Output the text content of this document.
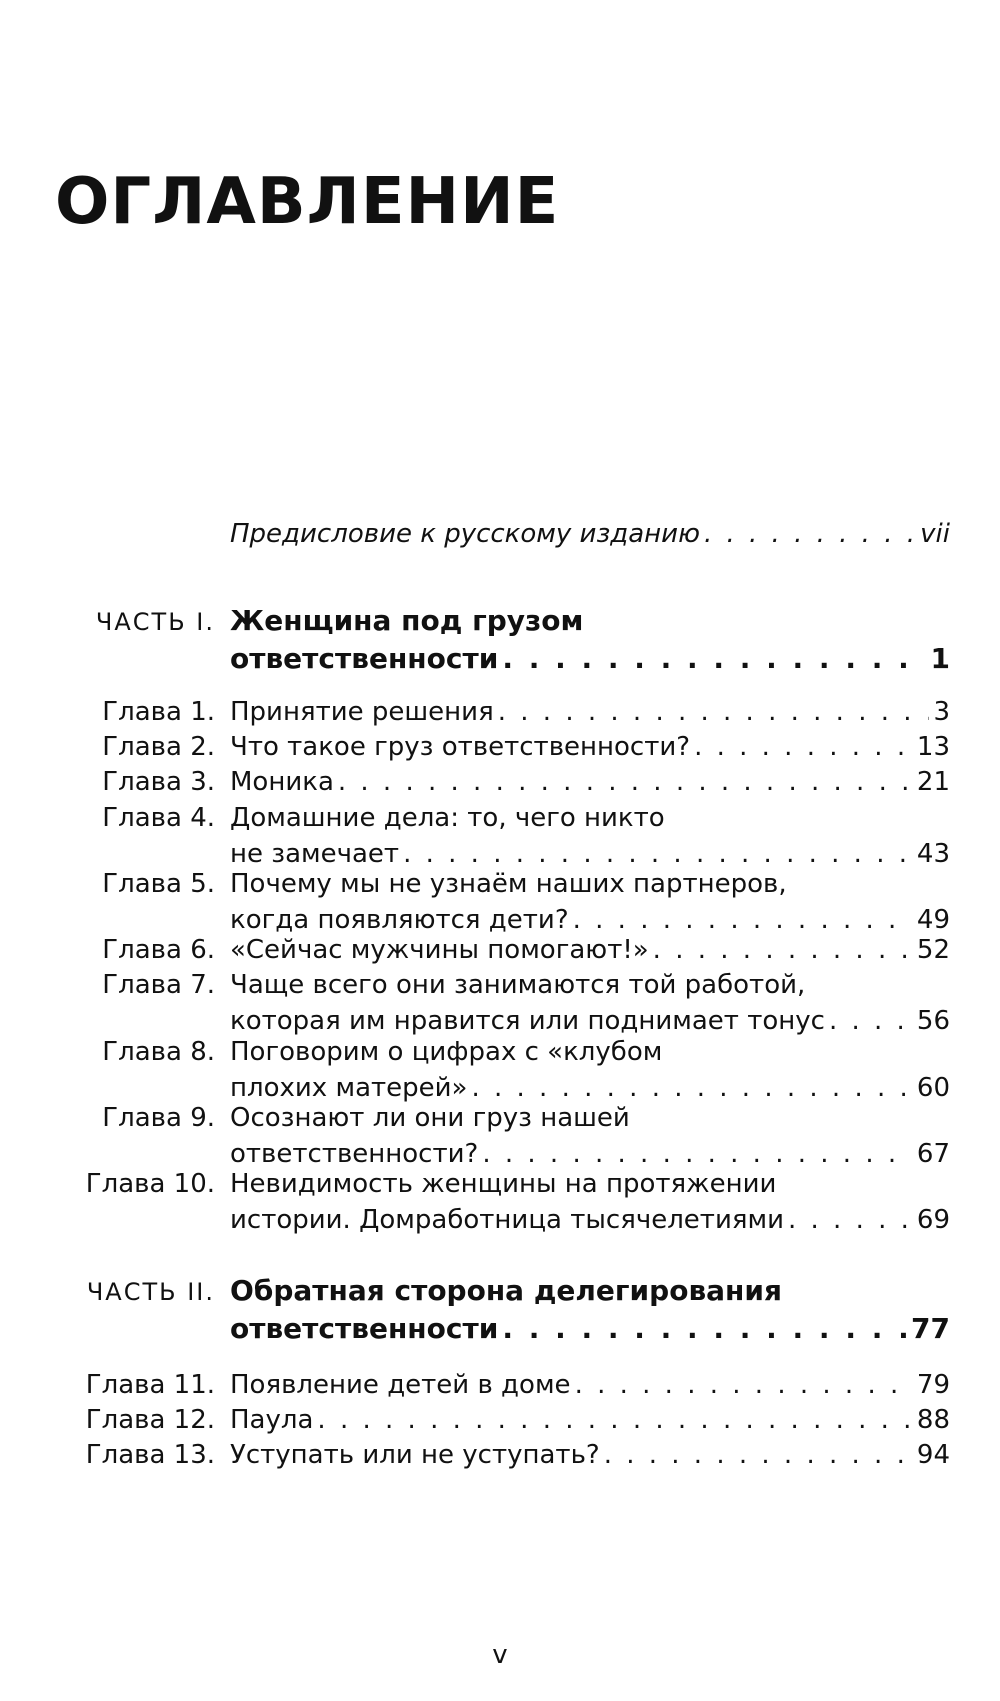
ОГЛАВЛЕНИЕ
Предисловие к русскому изданию . . .	vii
ЧАСТЬ I. Женщина под грузом
ответственности . . .	1
Глава 1. Принятие решения . . .	3
Глава 2. Что такое груз ответственности? . . .	13
Глава 3. Моника . . .	21
Глава 4. Домашние дела: то, чего никто
не замечает . . .	43
Глава 5. Почему мы не узнаём наших партнеров,
когда появляются дети? . . .	49
Глава 6. «Сейчас мужчины помогают!» . . .	52
Глава 7. Чаще всего они занимаются той работой,
которая им нравится или поднимает тонус . . .	56
Глава 8. Поговорим о цифрах с «клубом
плохих матерей» . . .	60
Глава 9. Осознают ли они груз нашей
ответственности? . . .	67
Глава 10. Невидимость женщины на протяжении
истории. Домработница тысячелетиями . . .	69
ЧАСТЬ II. Обратная сторона делегирования
ответственности . . .	77
Глава 11. Появление детей в доме . . .	79
Глава 12. Паула . . .	88
Глава 13. Уступать или не уступать? . . .	94
v
